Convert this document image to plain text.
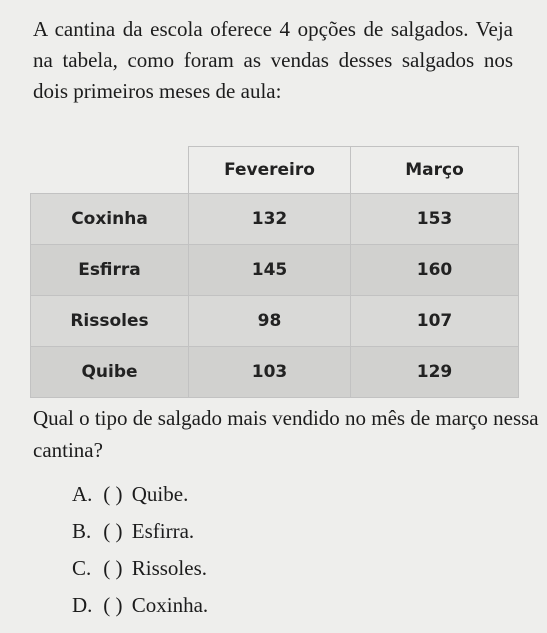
A cantina da escola oferece 4 opções de salgados. Veja na tabela, como foram as vendas desses salgados nos dois primeiros meses de aula:

	Fevereiro	Março
Coxinha	132	153
Esfirra	145	160
Rissoles	98	107
Quibe	103	129

Qual o tipo de salgado mais vendido no mês de março nessa cantina?

A. ( ) Quibe.
B. ( ) Esfirra.
C. ( ) Rissoles.
D. ( ) Coxinha.
